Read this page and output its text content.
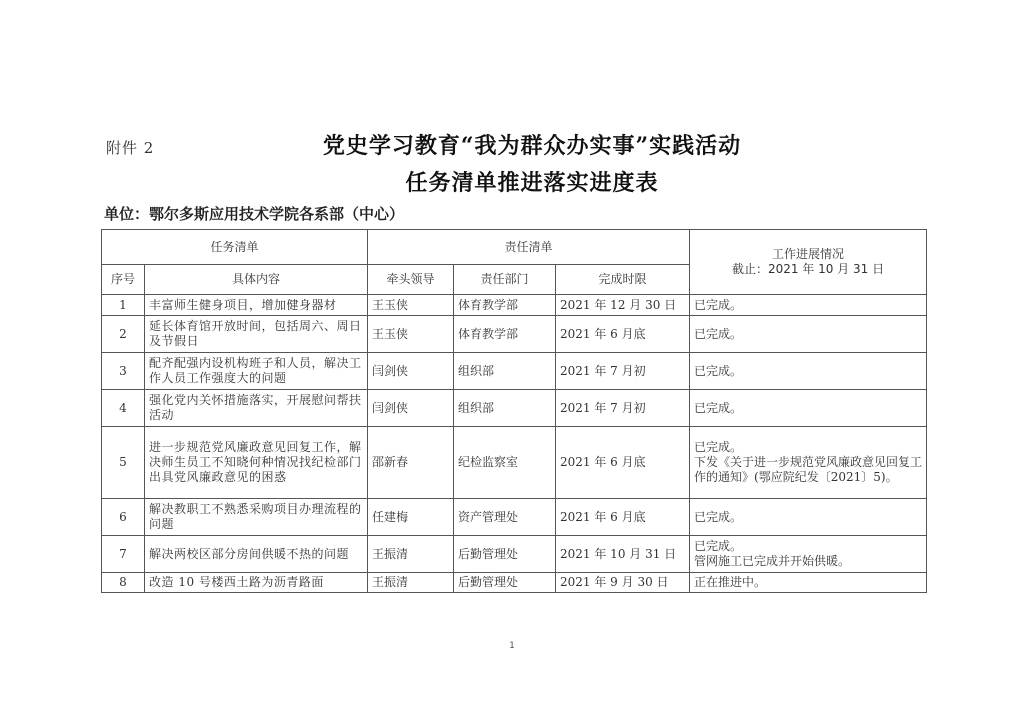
附件 2	党史学习教育“我为群众办实事”实践活动
任务清单推进落实进度表
单位：鄂尔多斯应用技术学院各系部（中心）
任务清单		责任清单			工作进展情况
截止：2021 年 10 月 31 日

序号	具体内容	牵头领导	责任部门	完成时限	
1	丰富师生健身项目，增加健身器材	王玉侠	体育教学部	2021 年 12 月 30 日	已完成。
2	延长体育馆开放时间，包括周六、周日及节假日	王玉侠	体育教学部	2021 年 6 月底	已完成。
3	配齐配强内设机构班子和人员，解决工作人员工作强度大的问题	闫剑侠	组织部	2021 年 7 月初	已完成。
4	强化党内关怀措施落实，开展慰问帮扶活动	闫剑侠	组织部	2021 年 7 月初	已完成。
5	进一步规范党风廉政意见回复工作，解决师生员工不知晓何种情况找纪检部门出具党风廉政意见的困惑	邵新春	纪检监察室	2021 年 6 月底	已完成。
下发《关于进一步规范党风廉政意见回复工作的通知》(鄂应院纪发〔2021〕5)。

6	解决教职工不熟悉采购项目办理流程的问题	任建梅	资产管理处	2021 年 6 月底	已完成。
7	解决两校区部分房间供暖不热的问题	王振清	后勤管理处	2021 年 10 月 31 日	已完成。
管网施工已完成并开始供暖。

8	改造 10 号楼西土路为沥青路面	王振清	后勤管理处	2021 年 9 月 30 日	正在推进中。
1
